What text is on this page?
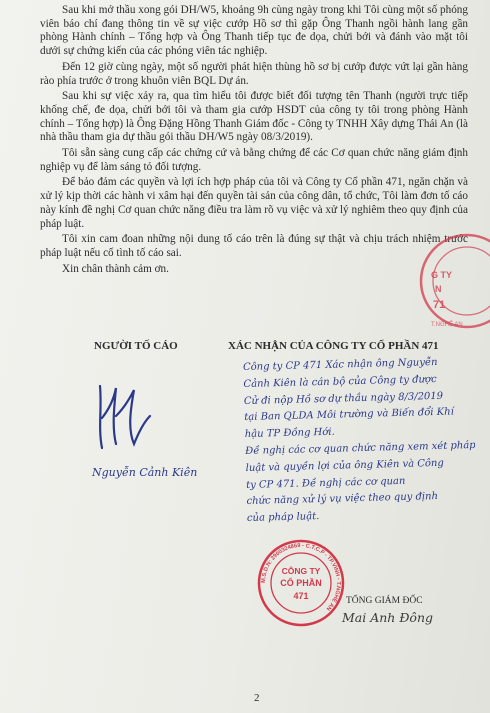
Sau khi mở thầu xong gói DH/W5, khoảng 9h cùng ngày trong khi Tôi cùng một số phóng viên báo chí đang thông tin về sự việc cướp Hồ sơ thì gặp Ông Thanh ngồi hành lang gần phòng Hành chính – Tổng hợp và Ông Thanh tiếp tục đe dọa, chửi bới và đánh vào mặt tôi dưới sự chứng kiến của các phóng viên tác nghiệp.

Đến 12 giờ cùng ngày, một số người phát hiện thùng hồ sơ bị cướp được vứt lại gần hàng rào phía trước ở trong khuôn viên BQL Dự án.

Sau khi sự việc xảy ra, qua tìm hiểu tôi được biết đối tượng tên Thanh (người trực tiếp khống chế, đe dọa, chửi bới tôi và tham gia cướp HSDT của công ty tôi trong phòng Hành chính – Tổng hợp) là Ông Đặng Hồng Thanh Giám đốc - Công ty TNHH Xây dựng Thái An (là nhà thầu tham gia dự thầu gói thầu DH/W5 ngày 08/3/2019).

Tôi sẵn sàng cung cấp các chứng cứ và bằng chứng để các Cơ quan chức năng giám định nghiệp vụ để làm sáng tỏ đối tượng.

Để bảo đảm các quyền và lợi ích hợp pháp của tôi và Công ty Cổ phần 471, ngăn chặn và xử lý kịp thời các hành vi xâm hại đến quyền tài sản của công dân, tổ chức, Tôi làm đơn tố cáo này kính đề nghị Cơ quan chức năng điều tra làm rõ vụ việc và xử lý nghiêm theo quy định của pháp luật.

Tôi xin cam đoan những nội dung tố cáo trên là đúng sự thật và chịu trách nhiệm trước pháp luật nếu cố tình tố cáo sai.

Xin chân thành cảm ơn.

G TY
N
71
T.NGHỆ AN
NGƯỜI TỐ CÁO	XÁC NHẬN CỦA CÔNG TY CỔ PHẦN 471
Công ty CP 471 Xác nhận ông Nguyễn
Cảnh Kiên là cán bộ của Công ty được
Cử đi nộp Hồ sơ dự thầu ngày 8/3/2019
tại Ban QLDA Môi trường và Biến đổi Khí
hậu TP Đồng Hới.
Đề nghị các cơ quan chức năng xem xét pháp
luật và quyền lợi của ông Kiên và Công
ty CP 471. Đề nghị các cơ quan
chức năng xử lý vụ việc theo quy định
của pháp luật.
Nguyễn Cảnh Kiên
M.S.D.N: 2900324869 - C.T.C.P - TP.VINH - T.NGHỆ AN
CÔNG TY
CỔ PHẦN
471	TỔNG GIÁM ĐỐC
Mai Anh Đông
2
